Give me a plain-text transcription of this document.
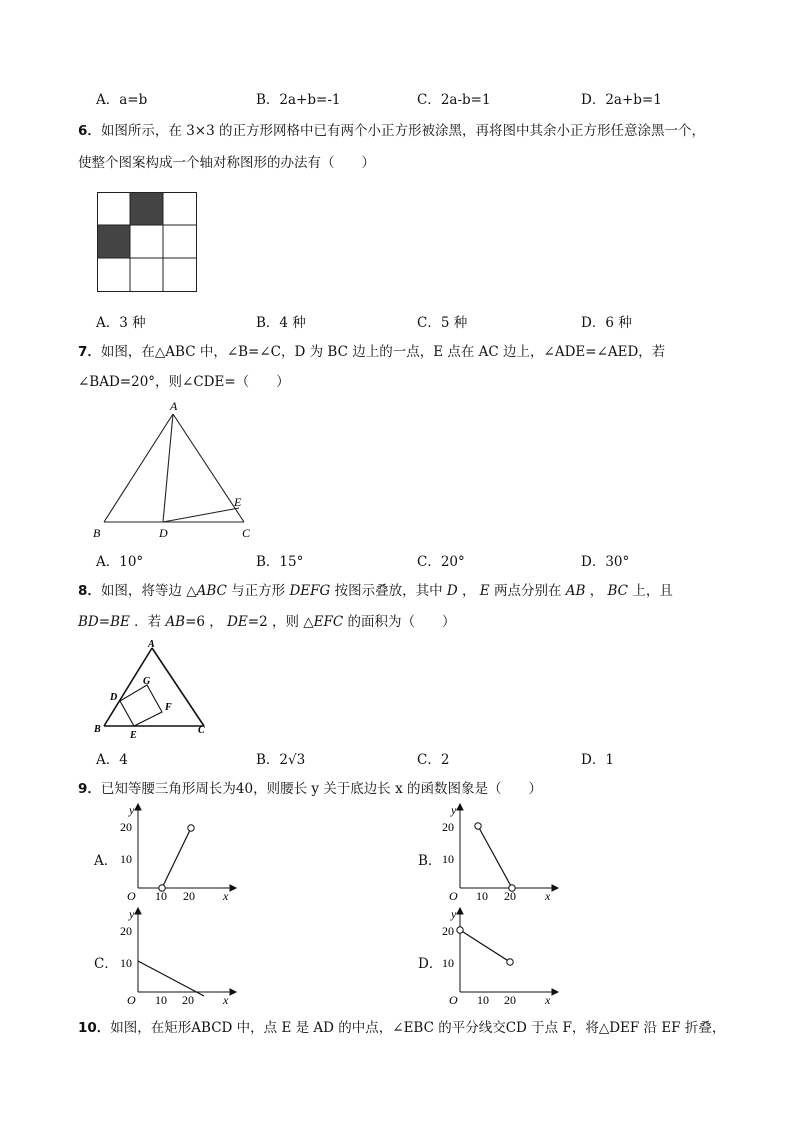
A．a=b	B．2a+b=-1	C．2a-b=1	D．2a+b=1
6．如图所示，在 3×3 的正方形网格中已有两个小正方形被涂黑，再将图中其余小正方形任意涂黑一个，
使整个图案构成一个轴对称图形的办法有（　　）
A．3 种	B．4 种	C．5 种	D．6 种
7．如图，在△ABC 中，∠B=∠C，D 为 BC 边上的一点，E 点在 AC 边上，∠ADE=∠AED，若
∠BAD=20°，则∠CDE=（　　）
A
B	C
D
E
A．10°	B．15°	C．20°	D．30°
8．如图，将等边 △ABC 与正方形 DEFG 按图示叠放，其中 D ， E 两点分别在 AB ， BC 上，且
BD=BE ．若 AB=6 ， DE=2 ，则 △EFC 的面积为（　　）
A
B	C
D
E
F
G
A．4	B．2√3	C．2	D．1
9．已知等腰三角形周长为40，则腰长 y 关于底边长 x 的函数图象是（　　）
A．
y
20
10
O 10 20 x
B．
y
20
10
O 10 20 x
C．
y
20
10
O 10 20 x
D．
y
20
10
O 10 20 x
10．如图，在矩形ABCD 中，点 E 是 AD 的中点，∠EBC 的平分线交CD 于点 F，将△DEF 沿 EF 折叠，
